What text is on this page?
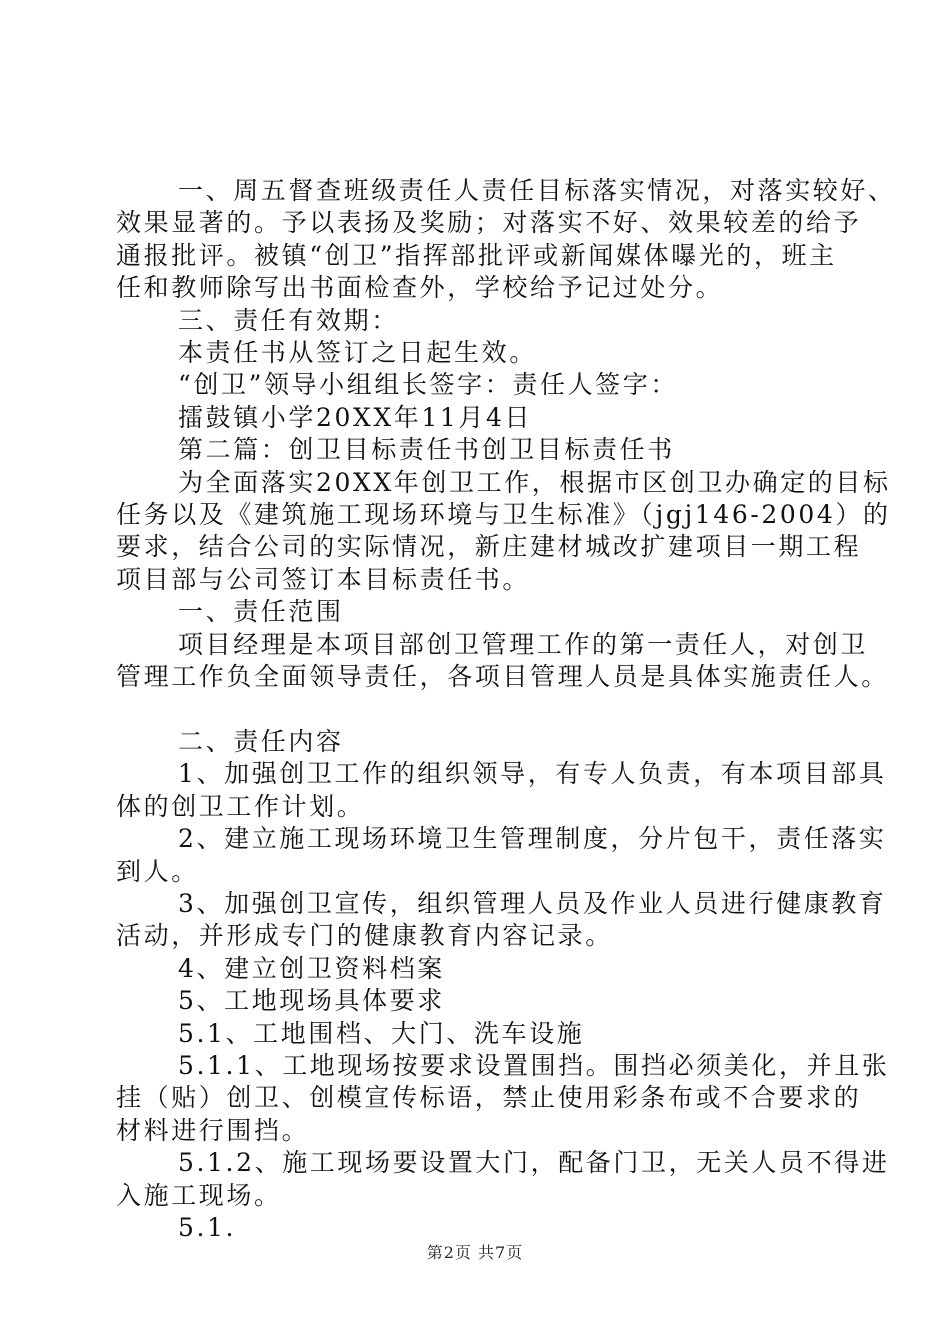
一、周五督查班级责任人责任目标落实情况，对落实较好、
效果显著的。予以表扬及奖励；对落实不好、效果较差的给予
通报批评。被镇“创卫”指挥部批评或新闻媒体曝光的，班主
任和教师除写出书面检查外，学校给予记过处分。
三、责任有效期：
本责任书从签订之日起生效。
“创卫”领导小组组长签字：责任人签字：
擂鼓镇小学20XX年11月4日
第二篇：创卫目标责任书创卫目标责任书
为全面落实20XX年创卫工作，根据市区创卫办确定的目标
任务以及《建筑施工现场环境与卫生标准》（jgj146-2004）的
要求，结合公司的实际情况，新庄建材城改扩建项目一期工程
项目部与公司签订本目标责任书。
一、责任范围
项目经理是本项目部创卫管理工作的第一责任人，对创卫
管理工作负全面领导责任，各项目管理人员是具体实施责任人。
二、责任内容
1、加强创卫工作的组织领导，有专人负责，有本项目部具
体的创卫工作计划。
2、建立施工现场环境卫生管理制度，分片包干，责任落实
到人。
3、加强创卫宣传，组织管理人员及作业人员进行健康教育
活动，并形成专门的健康教育内容记录。
4、建立创卫资料档案
5、工地现场具体要求
5.1、工地围档、大门、洗车设施
5.1.1、工地现场按要求设置围挡。围挡必须美化，并且张
挂（贴）创卫、创模宣传标语，禁止使用彩条布或不合要求的
材料进行围挡。
5.1.2、施工现场要设置大门，配备门卫，无关人员不得进
入施工现场。
5.1.
第2页 共7页
